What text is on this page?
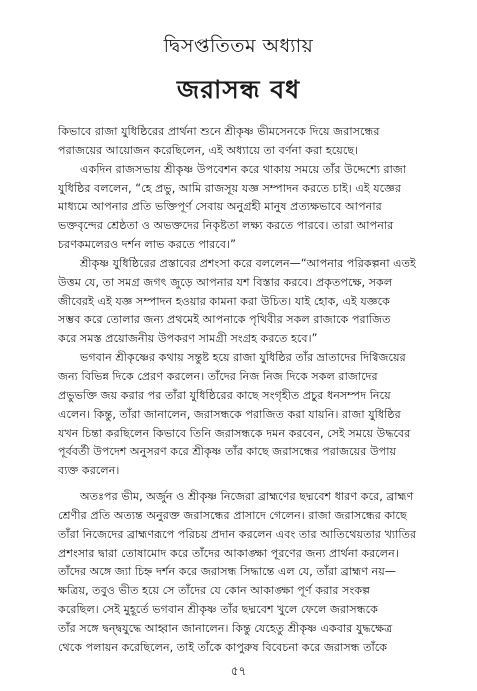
দ্বিসপ্ততিতম অধ্যায়
জরাসন্ধ বধ
কিভাবে রাজা যুধিষ্ঠিরের প্রার্থনা শুনে শ্রীকৃষ্ণ ভীমসেনকে দিয়ে জরাসন্ধের
পরাজয়ের আয়োজন করেছিলেন, এই অধ্যায়ে তা বর্ণনা করা হয়েছে।
একদিন রাজসভায় শ্রীকৃষ্ণ উপবেশন করে থাকায় সময়ে তাঁর উদ্দেশ্যে রাজা
যুধিষ্ঠির বললেন, “হে প্রভু, আমি রাজসূয় যজ্ঞ সম্পাদন করতে চাই। এই যজ্ঞের
মাধ্যমে আপনার প্রতি ভক্তিপূর্ণ সেবায় অনুগ্রহী মানুষ প্রত্যক্ষভাবে আপনার
ভক্তবৃন্দের শ্রেষ্ঠতা ও অভক্তদের নিকৃষ্টতা লক্ষ্য করতে পারবে। তারা আপনার
চরণকমলেরও দর্শন লাভ করতে পারবে।”
শ্রীকৃষ্ণ যুধিষ্ঠিরের প্রস্তাবের প্রশংসা করে বললেন—“আপনার পরিকল্পনা এতই
উত্তম যে, তা সমগ্র জগৎ জুড়ে আপনার যশ বিস্তার করবে। প্রকৃতপক্ষে, সকল
জীবেরই এই যজ্ঞ সম্পাদন হওয়ার কামনা করা উচিত। যাই হোক, এই যজ্ঞকে
সম্ভব করে তোলার জন্য প্রথমেই আপনাকে পৃথিবীর সকল রাজাকে পরাজিত
করে সমস্ত প্রয়োজনীয় উপকরণ সামগ্রী সংগ্রহ করতে হবে।”
ভগবান শ্রীকৃষ্ণের কথায় সন্তুষ্ট হয়ে রাজা যুধিষ্ঠির তাঁর ভ্রাতাদের দিগ্বিজয়ের
জন্য বিভিন্ন দিকে প্রেরণ করলেন। তাঁদের নিজ নিজ দিকে সকল রাজাদের
প্রভুভক্তি জয় করার পর তাঁরা যুধিষ্ঠিরের কাছে সংগৃহীত প্রচুর ধনসম্পদ নিয়ে
এলেন। কিন্তু, তাঁরা জানালেন, জরাসন্ধকে পরাজিত করা যায়নি। রাজা যুধিষ্ঠির
যখন চিন্তা করছিলেন কিভাবে তিনি জরাসন্ধকে দমন করবেন, সেই সময়ে উদ্ধবের
পূর্ববর্তী উপদেশ অনুসরণ করে শ্রীকৃষ্ণ তাঁর কাছে জরাসন্ধের পরাজয়ের উপায়
ব্যক্ত করলেন।
অতঃপর ভীম, অর্জুন ও শ্রীকৃষ্ণ নিজেরা ব্রাহ্মণের ছদ্মবেশ ধারণ করে, ব্রাহ্মণ
শ্রেণীর প্রতি অত্যন্ত অনুরক্ত জরাসন্ধের প্রাসাদে গেলেন। রাজা জরাসন্ধের কাছে
তাঁরা নিজেদের ব্রাহ্মণরূপে পরিচয় প্রদান করলেন এবং তার আতিথেয়তার খ্যাতির
প্রশংসার দ্বারা তোষামোদ করে তাঁদের আকাঙ্ক্ষা পূরণের জন্য প্রার্থনা করলেন।
তাঁদের অঙ্গে জ্যা চিহ্ন দর্শন করে জরাসন্ধ সিদ্ধান্তে এল যে, তাঁরা ব্রাহ্মণ নয়—
ক্ষত্রিয়, তবুও ভীত হয়ে সে তাঁদের যে কোন আকাঙ্ক্ষা পূর্ণ করার সংকল্প
করেছিল। সেই মুহূর্তে ভগবান শ্রীকৃষ্ণ তাঁর ছদ্মবেশ খুলে ফেলে জরাসন্ধকে
তাঁর সঙ্গে দ্বন্দ্বযুদ্ধে আহ্বান জানালেন। কিন্তু যেহেতু শ্রীকৃষ্ণ একবার যুদ্ধক্ষেত্র
থেকে পলায়ন করেছিলেন, তাই তাঁকে কাপুরুষ বিবেচনা করে জরাসন্ধ তাঁকে
৫৭
